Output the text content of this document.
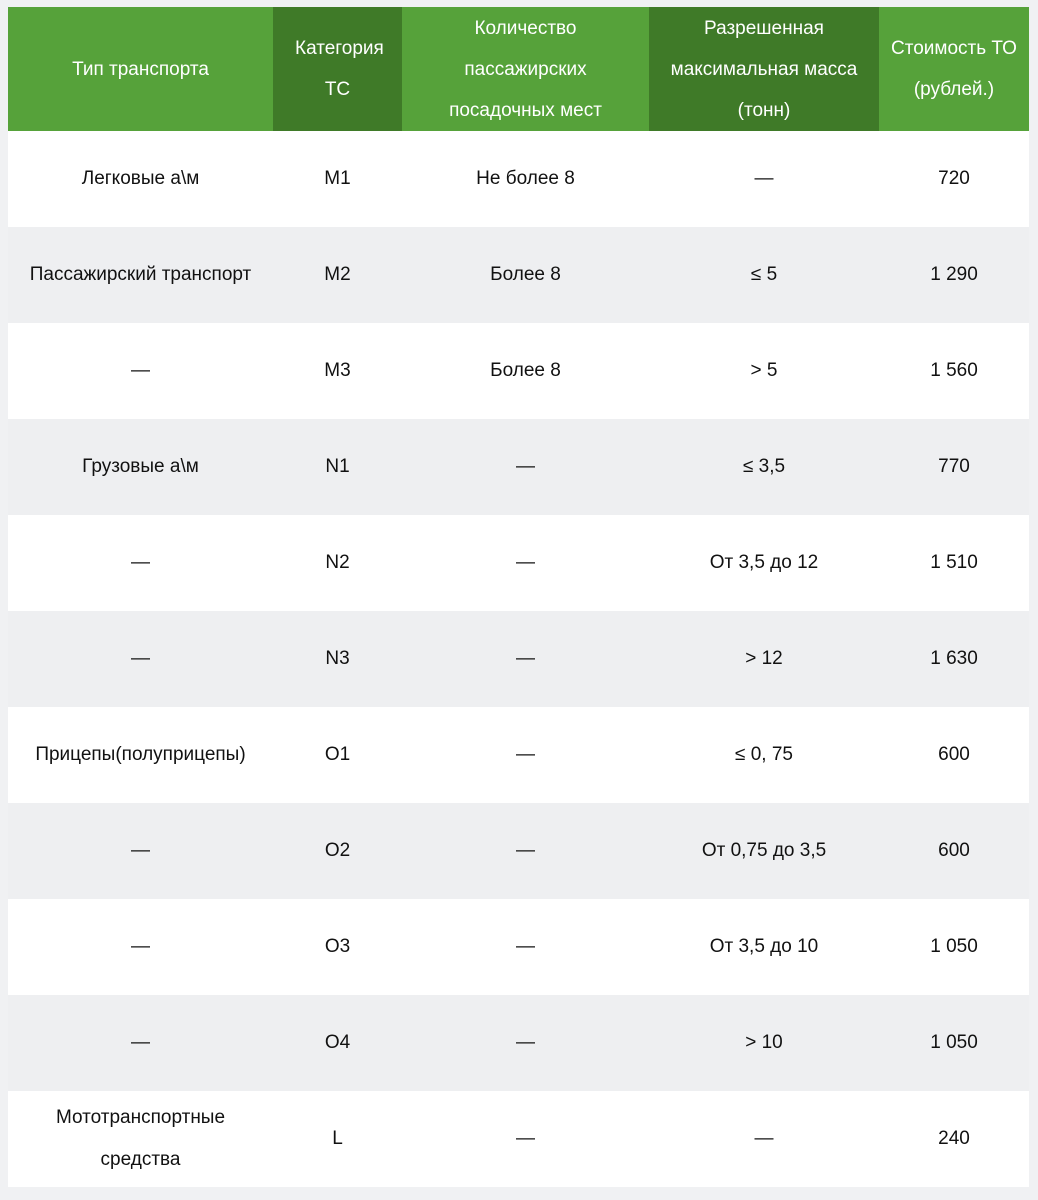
Тип транспорта	Категория ТС	Количество пассажирских посадочных мест	Разрешенная максимальная масса (тонн)	Стоимость ТО (рублей.)
Легковые а\м	M1	Не более 8	—	720
Пассажирский транспорт	M2	Более 8	≤ 5	1 290
—	M3	Более 8	> 5	1 560
Грузовые а\м	N1	—	≤ 3,5	770
—	N2	—	От 3,5 до 12	1 510
—	N3	—	> 12	1 630
Прицепы(полуприцепы)	O1	—	≤ 0, 75	600
—	O2	—	От 0,75 до 3,5	600
—	O3	—	От 3,5 до 10	1 050
—	O4	—	> 10	1 050
Мототранспортные средства	L	—	—	240
